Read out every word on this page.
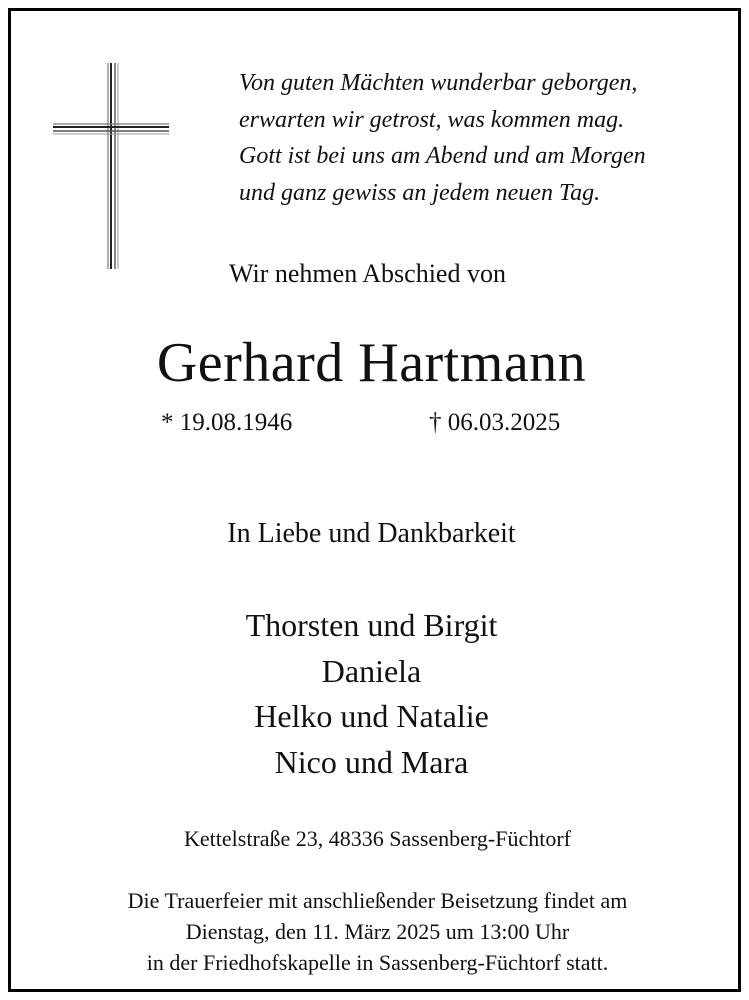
Von guten Mächten wunderbar geborgen,
erwarten wir getrost, was kommen mag.
Gott ist bei uns am Abend und am Morgen
und ganz gewiss an jedem neuen Tag.
Wir nehmen Abschied von
Gerhard Hartmann
* 19.08.1946	† 06.03.2025
In Liebe und Dankbarkeit
Thorsten und Birgit
Daniela
Helko und Natalie
Nico und Mara
Kettelstraße 23, 48336 Sassenberg-Füchtorf
Die Trauerfeier mit anschließender Beisetzung findet am
Dienstag, den 11. März 2025 um 13:00 Uhr
in der Friedhofskapelle in Sassenberg-Füchtorf statt.
